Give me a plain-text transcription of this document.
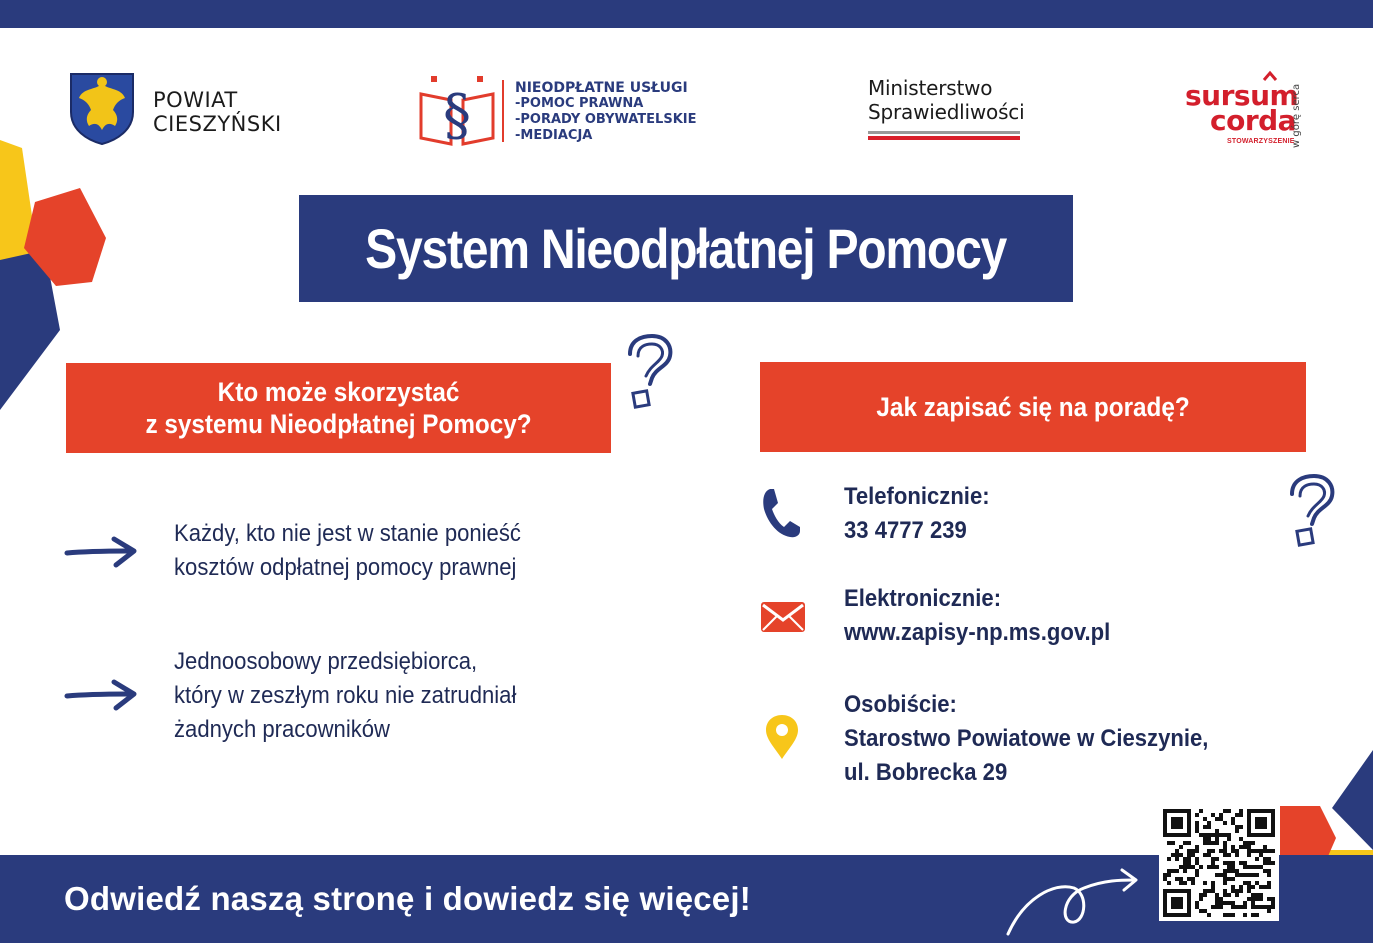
POWIAT
CIESZYŃSKI	§	NIEODPŁATNE USŁUGI
-POMOC PRAWNA
-PORADY OBYWATELSKIE
-MEDIACJA
Ministerstwo
Sprawiedliwości	sursum
corda
STOWARZYSZENIE
w górę serca
System Nieodpłatnej Pomocy
Kto może skorzystać
z systemu Nieodpłatnej Pomocy?
Jak zapisać się na poradę?
Każdy, kto nie jest w stanie ponieść
kosztów odpłatnej pomocy prawnej
Jednoosobowy przedsiębiorca,
który w zeszłym roku nie zatrudniał
żadnych pracowników
Telefonicznie:
33 4777 239
Elektronicznie:
www.zapisy-np.ms.gov.pl
Osobiście:
Starostwo Powiatowe w Cieszynie,
ul. Bobrecka 29
Odwiedź naszą stronę i dowiedz się więcej!
